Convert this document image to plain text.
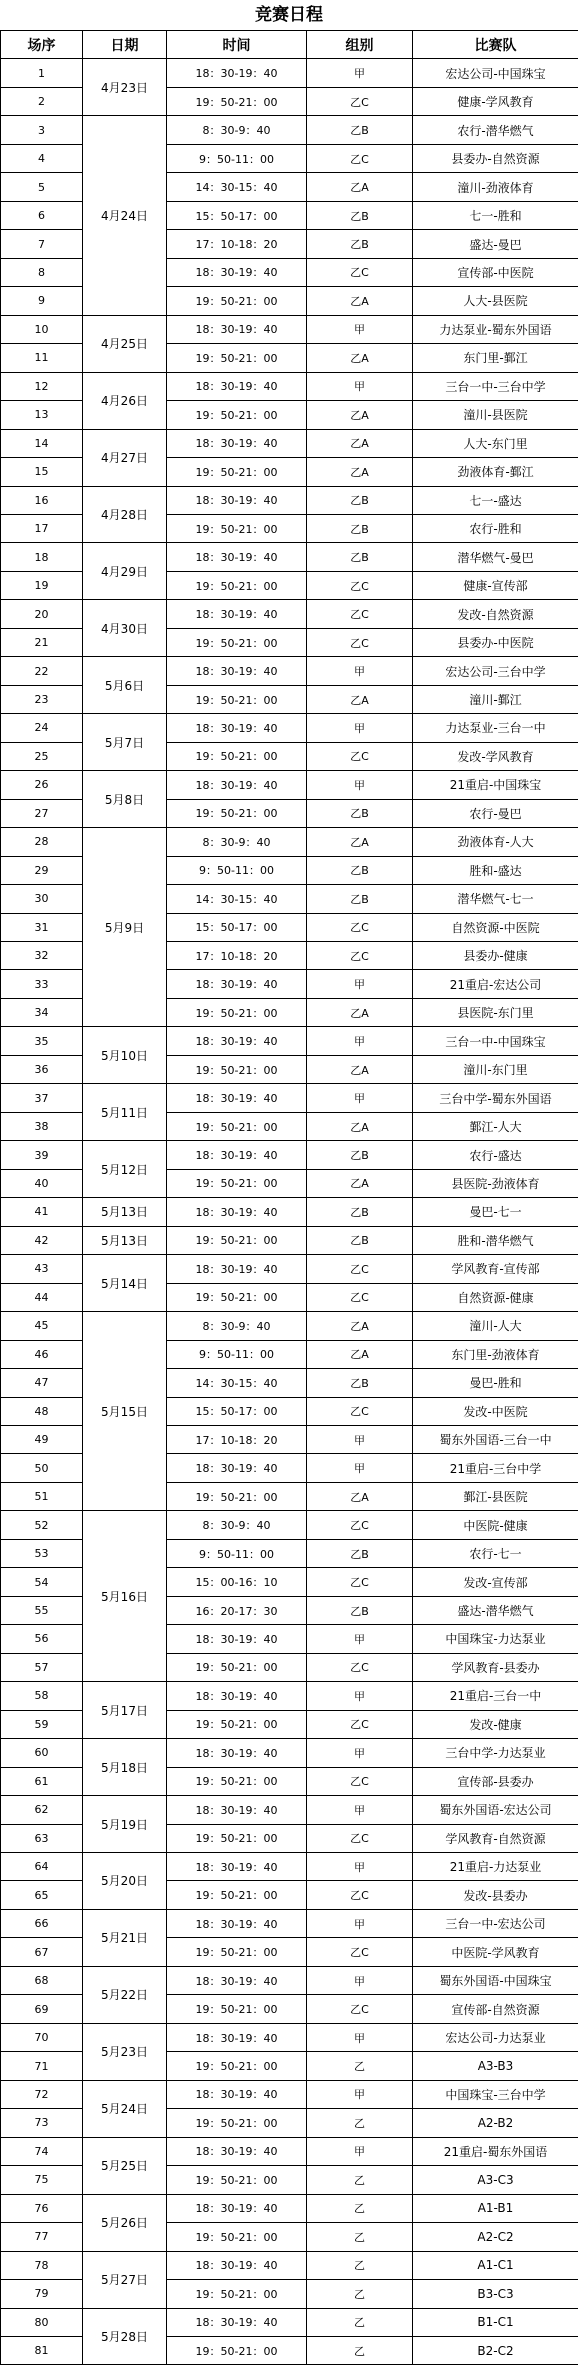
竞赛日程
场序	日期	时间	组别	比赛队
1	4月23日	18：30-19：40	甲	宏达公司-中国珠宝
2		19：50-21：00	乙C	健康-学风教育
3	4月24日	8：30-9：40	乙B	农行-潜华燃气
4		9：50-11：00	乙C	县委办-自然资源
5		14：30-15：40	乙A	潼川-劲液体育
6		15：50-17：00	乙B	七一-胜和
7		17：10-18：20	乙B	盛达-曼巴
8		18：30-19：40	乙C	宣传部-中医院
9		19：50-21：00	乙A	人大-县医院
10	4月25日	18：30-19：40	甲	力达泵业-蜀东外国语
11		19：50-21：00	乙A	东门里-鄞江
12	4月26日	18：30-19：40	甲	三台一中-三台中学
13		19：50-21：00	乙A	潼川-县医院
14	4月27日	18：30-19：40	乙A	人大-东门里
15		19：50-21：00	乙A	劲液体育-鄞江
16	4月28日	18：30-19：40	乙B	七一-盛达
17		19：50-21：00	乙B	农行-胜和
18	4月29日	18：30-19：40	乙B	潜华燃气-曼巴
19		19：50-21：00	乙C	健康-宣传部
20	4月30日	18：30-19：40	乙C	发改-自然资源
21		19：50-21：00	乙C	县委办-中医院
22	5月6日	18：30-19：40	甲	宏达公司-三台中学
23		19：50-21：00	乙A	潼川-鄞江
24	5月7日	18：30-19：40	甲	力达泵业-三台一中
25		19：50-21：00	乙C	发改-学风教育
26	5月8日	18：30-19：40	甲	21重启-中国珠宝
27		19：50-21：00	乙B	农行-曼巴
28	5月9日	8：30-9：40	乙A	劲液体育-人大
29		9：50-11：00	乙B	胜和-盛达
30		14：30-15：40	乙B	潜华燃气-七一
31		15：50-17：00	乙C	自然资源-中医院
32		17：10-18：20	乙C	县委办-健康
33		18：30-19：40	甲	21重启-宏达公司
34		19：50-21：00	乙A	县医院-东门里
35	5月10日	18：30-19：40	甲	三台一中-中国珠宝
36		19：50-21：00	乙A	潼川-东门里
37	5月11日	18：30-19：40	甲	三台中学-蜀东外国语
38		19：50-21：00	乙A	鄞江-人大
39	5月12日	18：30-19：40	乙B	农行-盛达
40		19：50-21：00	乙A	县医院-劲液体育
41	5月13日	18：30-19：40	乙B	曼巴-七一
42	5月13日	19：50-21：00	乙B	胜和-潜华燃气
43	5月14日	18：30-19：40	乙C	学风教育-宣传部
44		19：50-21：00	乙C	自然资源-健康
45	5月15日	8：30-9：40	乙A	潼川-人大
46		9：50-11：00	乙A	东门里-劲液体育
47		14：30-15：40	乙B	曼巴-胜和
48		15：50-17：00	乙C	发改-中医院
49		17：10-18：20	甲	蜀东外国语-三台一中
50		18：30-19：40	甲	21重启-三台中学
51		19：50-21：00	乙A	鄞江-县医院
52	5月16日	8：30-9：40	乙C	中医院-健康
53		9：50-11：00	乙B	农行-七一
54		15：00-16：10	乙C	发改-宣传部
55		16：20-17：30	乙B	盛达-潜华燃气
56		18：30-19：40	甲	中国珠宝-力达泵业
57		19：50-21：00	乙C	学风教育-县委办
58	5月17日	18：30-19：40	甲	21重启-三台一中
59		19：50-21：00	乙C	发改-健康
60	5月18日	18：30-19：40	甲	三台中学-力达泵业
61		19：50-21：00	乙C	宣传部-县委办
62	5月19日	18：30-19：40	甲	蜀东外国语-宏达公司
63		19：50-21：00	乙C	学风教育-自然资源
64	5月20日	18：30-19：40	甲	21重启-力达泵业
65		19：50-21：00	乙C	发改-县委办
66	5月21日	18：30-19：40	甲	三台一中-宏达公司
67		19：50-21：00	乙C	中医院-学风教育
68	5月22日	18：30-19：40	甲	蜀东外国语-中国珠宝
69		19：50-21：00	乙C	宣传部-自然资源
70	5月23日	18：30-19：40	甲	宏达公司-力达泵业
71		19：50-21：00	乙	A3-B3
72	5月24日	18：30-19：40	甲	中国珠宝-三台中学
73		19：50-21：00	乙	A2-B2
74	5月25日	18：30-19：40	甲	21重启-蜀东外国语
75		19：50-21：00	乙	A3-C3
76	5月26日	18：30-19：40	乙	A1-B1
77		19：50-21：00	乙	A2-C2
78	5月27日	18：30-19：40	乙	A1-C1
79		19：50-21：00	乙	B3-C3
80	5月28日	18：30-19：40	乙	B1-C1
81		19：50-21：00	乙	B2-C2
